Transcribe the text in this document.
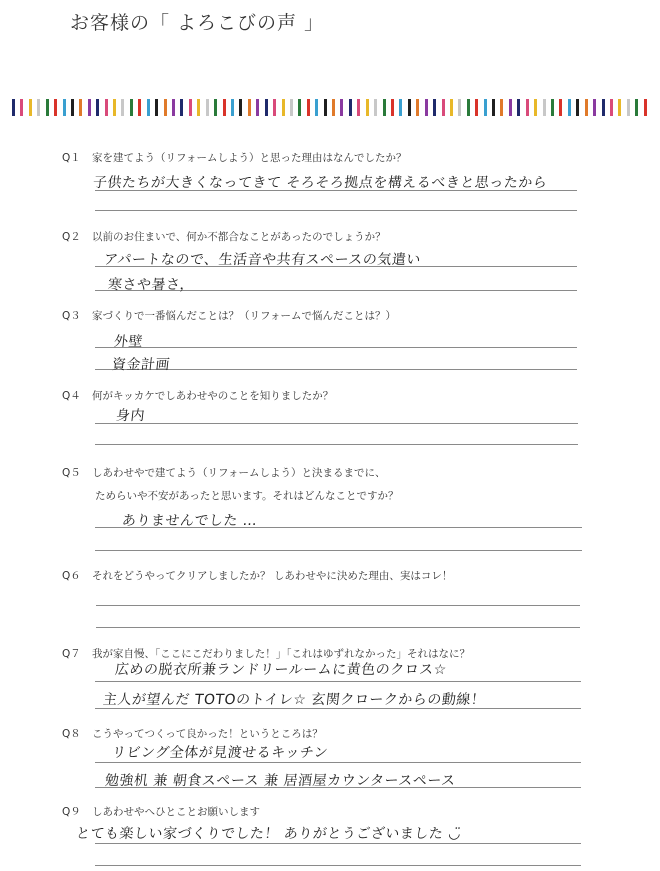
お客様の「 よろこびの声 」
Q１ 家を建てよう（リフォームしよう）と思った理由はなんでしたか？
子供たちが大きくなってきて そろそろ拠点を構えるべきと思ったから
Q２ 以前のお住まいで、何か不都合なことがあったのでしょうか？
アパートなので、生活音や共有スペースの気遣い
寒さや暑さ，
Q３ 家づくりで一番悩んだことは？（リフォームで悩んだことは？）
外壁
資金計画
Q４ 何がキッカケでしあわせやのことを知りましたか？
身内
Q５ しあわせやで建てよう（リフォームしよう）と決まるまでに、
ためらいや不安があったと思います。それはどんなことですか？
ありませんでした …
Q６ それをどうやってクリアしましたか？ しあわせやに決めた理由、実はコレ！
Q７ 我が家自慢、「ここにこだわりました！」「これはゆずれなかった」それはなに？
広めの脱衣所兼ランドリールームに黄色のクロス☆
主人が望んだ TOTOのトイレ☆ 玄関クロークからの動線！
Q８ こうやってつくって良かった！というところは？
リビング全体が見渡せるキッチン
勉強机 兼 朝食スペース 兼 居酒屋カウンタースペース
Q９ しあわせやへひとことお願いします
とても楽しい家づくりでした！ ありがとうございました ◡̈
